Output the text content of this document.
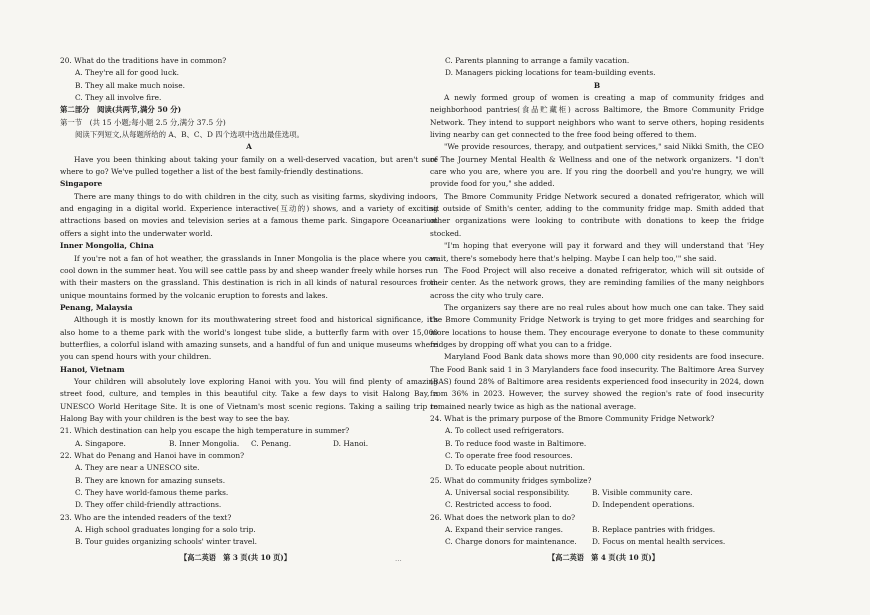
20. What do the traditions have in common?

A. They're all for good luck.

B. They all make much noise.

C. They all involve fire.

第二部分　阅读(共两节,满分 50 分)

第一节　(共 15 小题;每小题 2.5 分,满分 37.5 分)

阅读下列短文,从每题所给的 A、B、C、D 四个选项中选出最佳选项。

A

Have you been thinking about taking your family on a well-deserved vacation, but aren't sure where to go? We've pulled together a list of the best family-friendly destinations.

Singapore

There are many things to do with children in the city, such as visiting farms, skydiving indoors, and engaging in a digital world. Experience interactive(互动的) shows, and a variety of exciting attractions based on movies and television series at a famous theme park. Singapore Oceanarium offers a sight into the underwater world.

Inner Mongolia, China

If you're not a fan of hot weather, the grasslands in Inner Mongolia is the place where you can cool down in the summer heat. You will see cattle pass by and sheep wander freely while horses run with their masters on the grassland. This destination is rich in all kinds of natural resources from unique mountains formed by the volcanic eruption to forests and lakes.

Penang, Malaysia

Although it is mostly known for its mouthwatering street food and historical significance, it's also home to a theme park with the world's longest tube slide, a butterfly farm with over 15,000 butterflies, a colorful island with amazing sunsets, and a handful of fun and unique museums where you can spend hours with your children.

Hanoi, Vietnam

Your children will absolutely love exploring Hanoi with you. You will find plenty of amazing street food, culture, and temples in this beautiful city. Take a few days to visit Halong Bay, a UNESCO World Heritage Site. It is one of Vietnam's most scenic regions. Taking a sailing trip to Halong Bay with your children is the best way to see the bay.

21. Which destination can help you escape the high temperature in summer?

A. Singapore.	B. Inner Mongolia.	C. Penang.	D. Hanoi.

22. What do Penang and Hanoi have in common?

A. They are near a UNESCO site.

B. They are known for amazing sunsets.

C. They have world-famous theme parks.

D. They offer child-friendly attractions.

23. Who are the intended readers of the text?

A. High school graduates longing for a solo trip.

B. Tour guides organizing schools' winter travel.

C. Parents planning to arrange a family vacation.

D. Managers picking locations for team-building events.

B

A newly formed group of women is creating a map of community fridges and neighborhood pantries(食品贮藏柜) across Baltimore, the Bmore Community Fridge Network. They intend to support neighbors who want to serve others, hoping residents living nearby can get connected to the free food being offered to them.

"We provide resources, therapy, and outpatient services," said Nikki Smith, the CEO of The Journey Mental Health & Wellness and one of the network organizers. "I don't care who you are, where you are. If you ring the doorbell and you're hungry, we will provide food for you," she added.

The Bmore Community Fridge Network secured a donated refrigerator, which will sit outside of Smith's center, adding to the community fridge map. Smith added that other organizations were looking to contribute with donations to keep the fridge stocked.

"I'm hoping that everyone will pay it forward and they will understand that 'Hey wait, there's somebody here that's helping. Maybe I can help too,'" she said.

The Food Project will also receive a donated refrigerator, which will sit outside of their center. As the network grows, they are reminding families of the many neighbors across the city who truly care.

The organizers say there are no real rules about how much one can take. They said the Bmore Community Fridge Network is trying to get more fridges and searching for more locations to house them. They encourage everyone to donate to these community fridges by dropping off what you can to a fridge.

Maryland Food Bank data shows more than 90,000 city residents are food insecure. The Food Bank said 1 in 3 Marylanders face food insecurity. The Baltimore Area Survey (BAS) found 28% of Baltimore area residents experienced food insecurity in 2024, down from 36% in 2023. However, the survey showed the region's rate of food insecurity remained nearly twice as high as the national average.

24. What is the primary purpose of the Bmore Community Fridge Network?

A. To collect used refrigerators.

B. To reduce food waste in Baltimore.

C. To operate free food resources.

D. To educate people about nutrition.

25. What do community fridges symbolize?

A. Universal social responsibility.	B. Visible community care.
C. Restricted access to food.	D. Independent operations.

26. What does the network plan to do?

A. Expand their service ranges.	B. Replace pantries with fridges.
C. Charge donors for maintenance.	D. Focus on mental health services.
【高二英语　第 3 页(共 10 页)】	...	【高二英语　第 4 页(共 10 页)】
